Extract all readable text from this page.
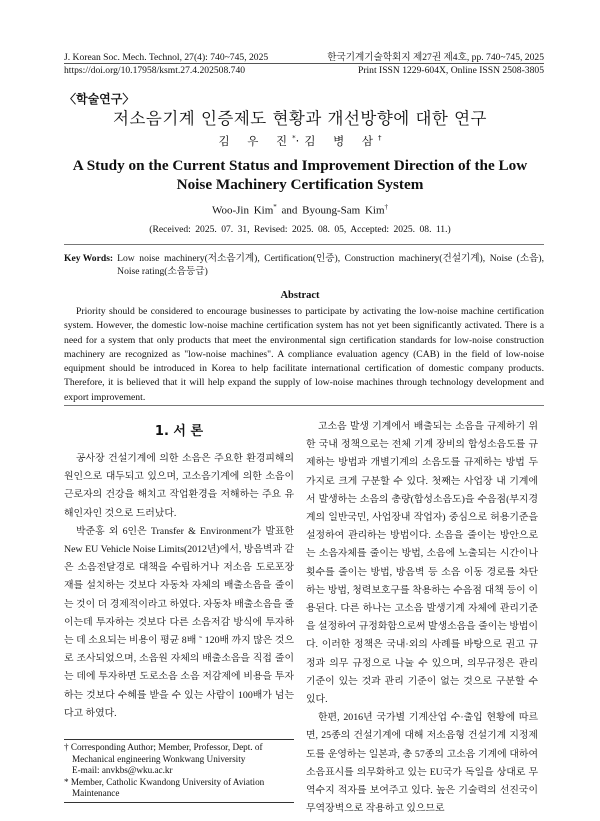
J. Korean Soc. Mech. Technol, 27(4): 740~745, 2025	한국기계기술학회지 제27권 제4호, pp. 740~745, 2025
https://doi.org/10.17958/ksmt.27.4.202508.740	Print ISSN 1229-604X, Online ISSN 2508-3805
〈학술연구〉
저소음기계 인증제도 현황과 개선방향에 대한 연구
김 우 진*·김 병 삼†
A Study on the Current Status and Improvement Direction of the Low Noise Machinery Certification System
Woo-Jin Kim* and Byoung-Sam Kim†
(Received: 2025. 07. 31, Revised: 2025. 08. 05, Accepted: 2025. 08. 11.)
Key Words: Low noise machinery(저소음기계), Certification(인증), Construction machinery(건설기계), Noise (소음), Noise rating(소음등급)
Abstract
Priority should be considered to encourage businesses to participate by activating the low-noise machine certification system. However, the domestic low-noise machine certification system has not yet been significantly activated. There is a need for a system that only products that meet the environmental sign certification standards for low-noise construction machinery are recognized as "low-noise machines". A compliance evaluation agency (CAB) in the field of low-noise equipment should be introduced in Korea to help facilitate international certification of domestic company products. Therefore, it is believed that it will help expand the supply of low-noise machines through technology development and export improvement.
1. 서 론

공사장 건설기계에 의한 소음은 주요한 환경피해의 원인으로 대두되고 있으며, 고소음기계에 의한 소음이 근로자의 건강을 해치고 작업환경을 저해하는 주요 유해인자인 것으로 드러났다.

박준홍 외 6인은 Transfer & Environment가 발표한 New EU Vehicle Noise Limits(2012년)에서, 방음벽과 같은 소음전달경로 대책을 수립하거나 저소음 도로포장재를 설치하는 것보다 자동차 자체의 배출소음을 줄이는 것이 더 경제적이라고 하였다. 자동차 배출소음을 줄이는데 투자하는 것보다 다른 소음저감 방식에 투자하는 데 소요되는 비용이 평균 8배 ˜ 120배 까지 많은 것으로 조사되었으며, 소음원 자체의 배출소음을 직접 줄이는 데에 투자하면 도로소음 소음 저감제에 비용을 투자하는 것보다 수혜를 받을 수 있는 사람이 100배가 넘는다고 하였다.

고소음 발생 기계에서 배출되는 소음을 규제하기 위한 국내 정책으로는 전체 기계 장비의 합성소음도를 규제하는 방법과 개별기계의 소음도를 규제하는 방법 두 가지로 크게 구분할 수 있다. 첫째는 사업장 내 기계에서 발생하는 소음의 총량(합성소음도)을 수음점(부지경계의 일반국민, 사업장내 작업자) 중심으로 허용기준을 설정하여 관리하는 방법이다. 소음을 줄이는 방안으로는 소음자체를 줄이는 방법, 소음에 노출되는 시간이나 횟수를 줄이는 방법, 방음벽 등 소음 이동 경로를 차단하는 방법, 청력보호구를 착용하는 수음점 대책 등이 이용된다. 다른 하나는 고소음 발생기계 자체에 관리기준을 설정하여 규정화함으로써 발생소음을 줄이는 방법이다. 이러한 정책은 국내·외의 사례를 바탕으로 권고 규정과 의무 규정으로 나눌 수 있으며, 의무규정은 관리 기준이 있는 것과 관리 기준이 없는 것으로 구분할 수 있다.

한편, 2016년 국가별 기계산업 수·출입 현황에 따르면, 25종의 건설기계에 대해 저소음형 건설기계 지정제도를 운영하는 일본과, 총 57종의 고소음 기계에 대하여 소음표시를 의무화하고 있는 EU국가 독일을 상대로 무역수지 적자를 보여주고 있다. 높은 기술력의 선진국이 무역장벽으로 작용하고 있으므로

† Corresponding Author; Member, Professor, Dept. of Mechanical engineering Wonkwang University
E-mail: anvkbs@wku.ac.kr
* Member, Catholic Kwandong University of Aviation Maintenance
